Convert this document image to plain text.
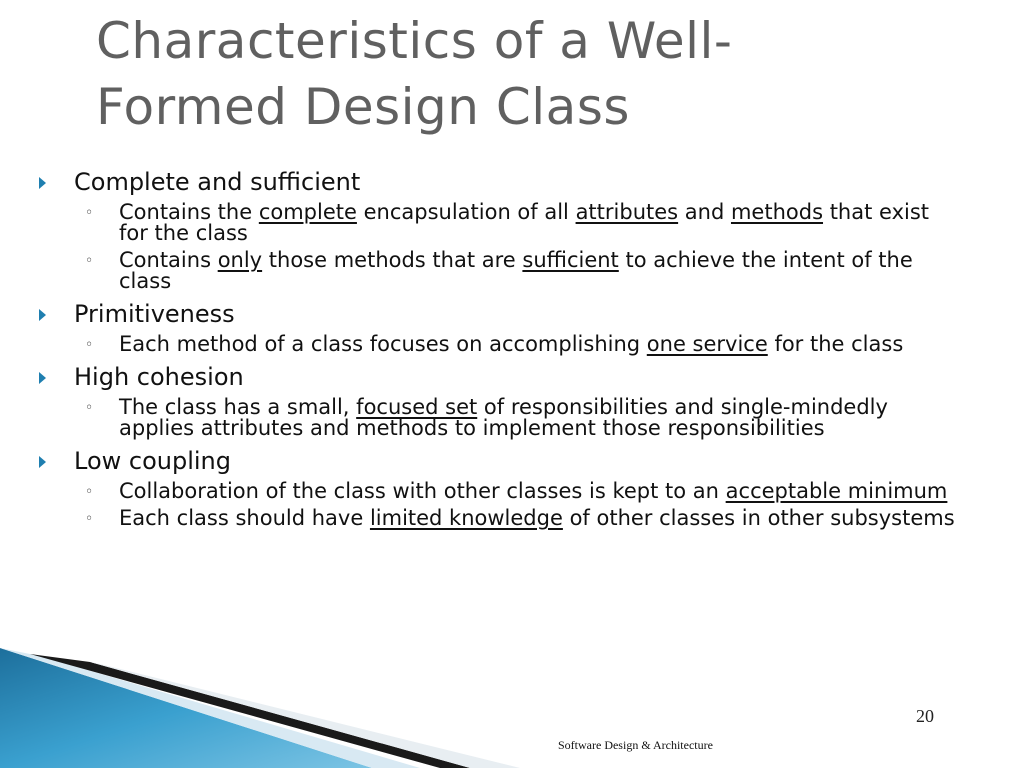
Characteristics of a Well-
Formed Design Class

Complete and sufficient

◦ Contains the complete encapsulation of all attributes and methods that exist for the class

◦ Contains only those methods that are sufficient to achieve the intent of the class

Primitiveness

◦ Each method of a class focuses on accomplishing one service for the class

High cohesion

◦ The class has a small, focused set of responsibilities and single-mindedly applies attributes and methods to implement those responsibilities

Low coupling

◦ Collaboration of the class with other classes is kept to an acceptable minimum

◦ Each class should have limited knowledge of other classes in other subsystems

20
Software Design & Architecture
